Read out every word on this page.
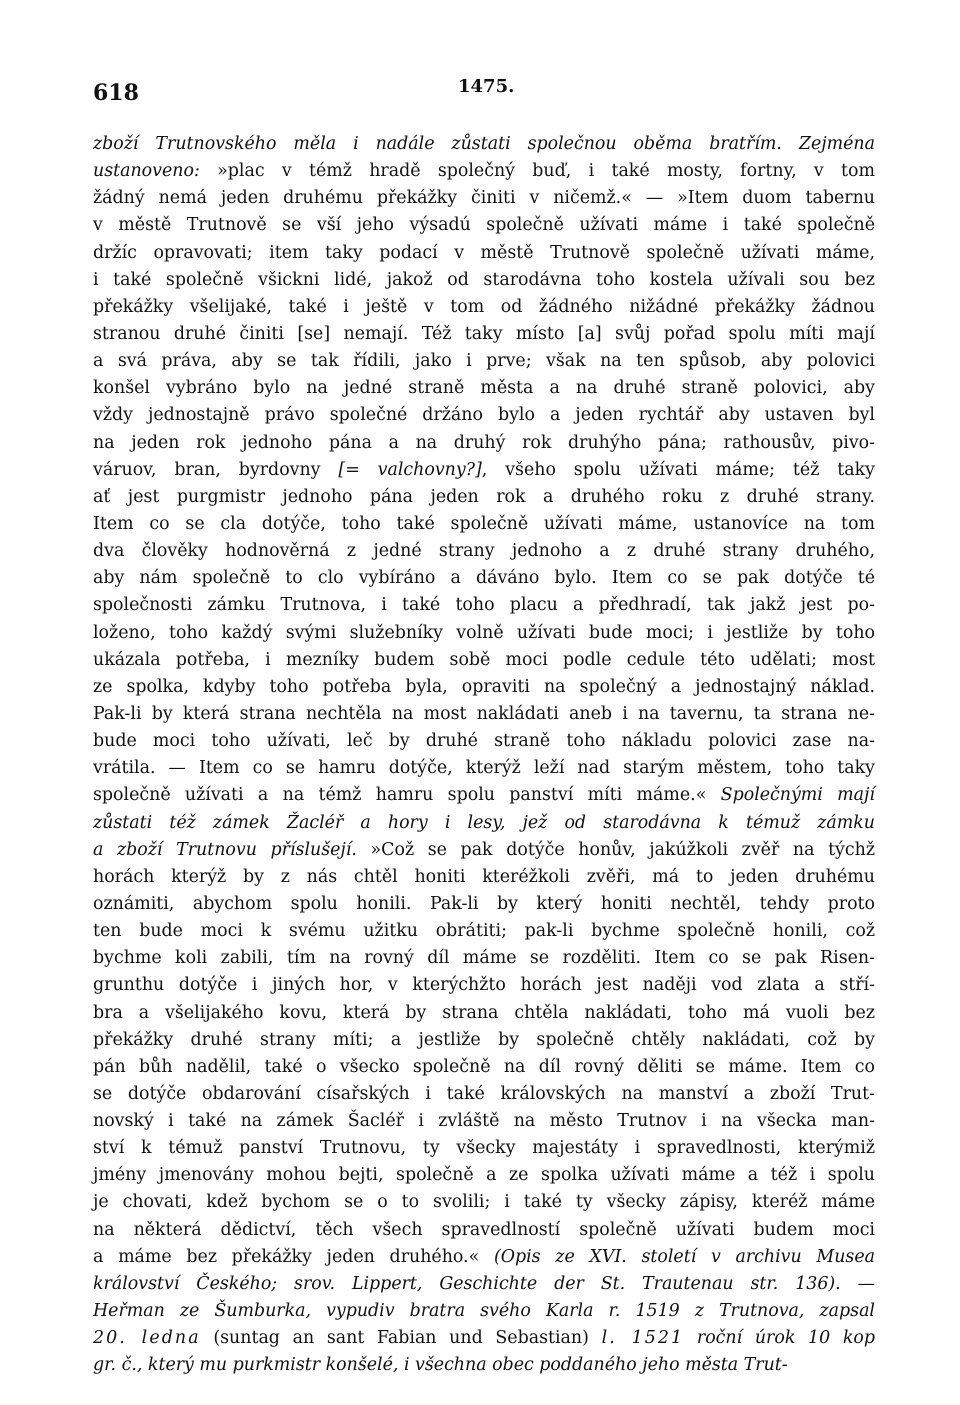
618	1475.
zboží Trutnovského měla i nadále zůstati společnou oběma bratřím. Zejména
ustanoveno: »plac v témž hradě společný buď, i také mosty, fortny, v tom
žádný nemá jeden druhému překážky činiti v ničemž.« — »Item duom tabernu
v městě Trutnově se vší jeho výsadú společně užívati máme i také společně
držíc opravovati; item taky podací v městě Trutnově společně užívati máme,
i také společně všickni lidé, jakož od starodávna toho kostela užívali sou bez
překážky všelijaké, také i ještě v tom od žádného nižádné překážky žádnou
stranou druhé činiti [se] nemají. Též taky místo [a] svůj pořad spolu míti mají
a svá práva, aby se tak řídili, jako i prve; však na ten spůsob, aby polovici
konšel vybráno bylo na jedné straně města a na druhé straně polovici, aby
vždy jednostajně právo společné držáno bylo a jeden rychtář aby ustaven byl
na jeden rok jednoho pána a na druhý rok druhýho pána; rathousův, pivo-
váruov, bran, byrdovny [= valchovny?], všeho spolu užívati máme; též taky
ať jest purgmistr jednoho pána jeden rok a druhého roku z druhé strany.
Item co se cla dotýče, toho také společně užívati máme, ustanovíce na tom
dva člověky hodnověrná z jedné strany jednoho a z druhé strany druhého,
aby nám společně to clo vybíráno a dáváno bylo. Item co se pak dotýče té
společnosti zámku Trutnova, i také toho placu a předhradí, tak jakž jest po-
loženo, toho každý svými služebníky volně užívati bude moci; i jestliže by toho
ukázala potřeba, i mezníky budem sobě moci podle cedule této udělati; most
ze spolka, kdyby toho potřeba byla, opraviti na společný a jednostajný náklad.
Pak-li by která strana nechtěla na most nakládati aneb i na tavernu, ta strana ne-
bude moci toho užívati, leč by druhé straně toho nákladu polovici zase na-
vrátila. — Item co se hamru dotýče, kterýž leží nad starým městem, toho taky
společně užívati a na témž hamru spolu panství míti máme.« Společnými mají
zůstati též zámek Žacléř a hory i lesy, jež od starodávna k témuž zámku
a zboží Trutnovu příslušejí. »Což se pak dotýče honův, jakúžkoli zvěř na týchž
horách kterýž by z nás chtěl honiti kteréžkoli zvěři, má to jeden druhému
oznámiti, abychom spolu honili. Pak-li by který honiti nechtěl, tehdy proto
ten bude moci k svému užitku obrátiti; pak-li bychme společně honili, což
bychme koli zabili, tím na rovný díl máme se rozděliti. Item co se pak Risen-
grunthu dotýče i jiných hor, v kterýchžto horách jest naději vod zlata a stří-
bra a všelijakého kovu, která by strana chtěla nakládati, toho má vuoli bez
překážky druhé strany míti; a jestliže by společně chtěly nakládati, což by
pán bůh nadělil, také o všecko společně na díl rovný děliti se máme. Item co
se dotýče obdarování císařských i také královských na manství a zboží Trut-
novský i také na zámek Šacléř i zvláště na město Trutnov i na všecka man-
ství k témuž panství Trutnovu, ty všecky majestáty i spravedlnosti, kterýmiž
jmény jmenovány mohou bejti, společně a ze spolka užívati máme a též i spolu
je chovati, kdež bychom se o to svolili; i také ty všecky zápisy, kteréž máme
na některá dědictví, těch všech spravedlností společně užívati budem moci
a máme bez překážky jeden druhého.« (Opis ze XVI. století v archivu Musea
království Českého; srov. Lippert, Geschichte der St. Trautenau str. 136). —
Heřman ze Šumburka, vypudiv bratra svého Karla r. 1519 z Trutnova, zapsal
20. ledna (suntag an sant Fabian und Sebastian) l. 1521 roční úrok 10 kop
gr. č., který mu purkmistr konšelé, i všechna obec poddaného jeho města Trut-
